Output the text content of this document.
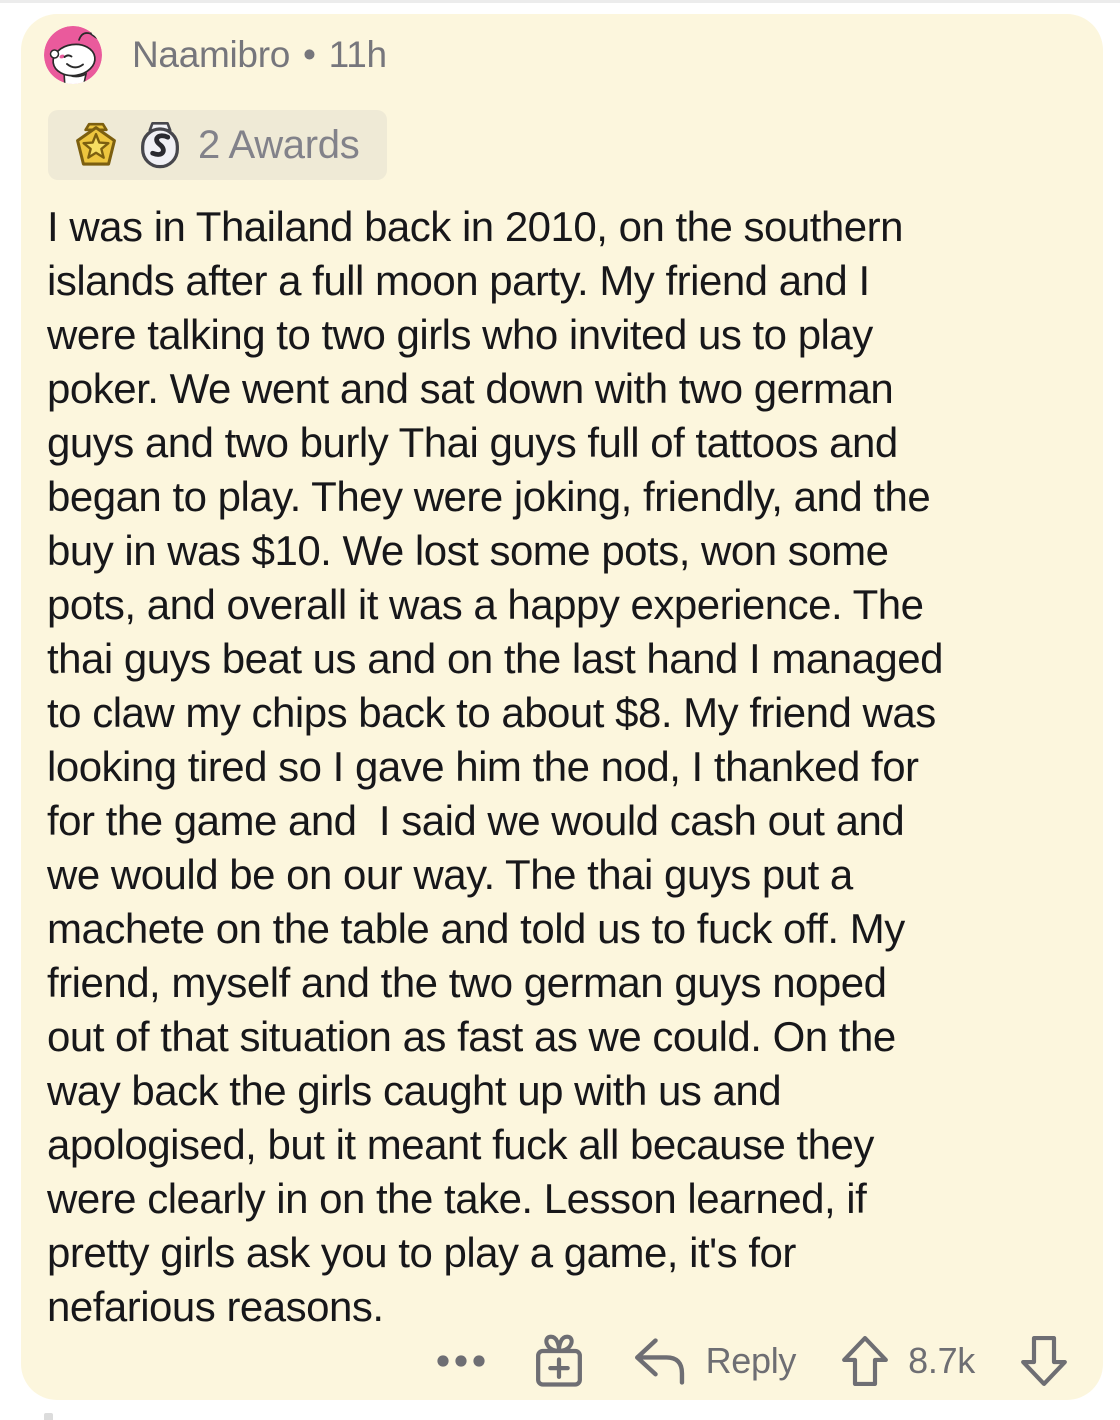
Naamibro • 11h
2 Awards
I was in Thailand back in 2010, on the southern
islands after a full moon party. My friend and I
were talking to two girls who invited us to play
poker. We went and sat down with two german
guys and two burly Thai guys full of tattoos and
began to play. They were joking, friendly, and the
buy in was $10. We lost some pots, won some
pots, and overall it was a happy experience. The
thai guys beat us and on the last hand I managed
to claw my chips back to about $8. My friend was
looking tired so I gave him the nod, I thanked for
for the game and  I said we would cash out and
we would be on our way. The thai guys put a
machete on the table and told us to fuck off. My
friend, myself and the two german guys noped
out of that situation as fast as we could. On the
way back the girls caught up with us and
apologised, but it meant fuck all because they
were clearly in on the take. Lesson learned, if
pretty girls ask you to play a game, it's for
nefarious reasons.
Reply	8.7k
